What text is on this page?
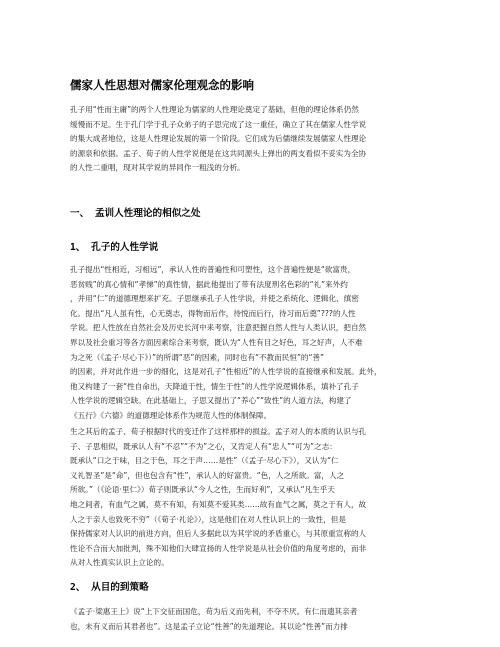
儒家人性思想对儒家伦理观念的影响
孔子用“性而主庸”的两个人性理论为儒家的人性理论奠定了基础，但他的理论体系仍然
缓慢而不足。生于孔门学于孔子众弟子的子思完成了这一重任，确立了其在儒家人性学说
的集大成者地位，这是人性理论发展的第一个阶段。它们成为后儒继续发展儒家人性理论
的源泉和依据。孟子、荀子的人性学说便是在这共同源头上弹出的两支看似不妥实为全协
的人性二重唱，现对其学说的异同作一粗浅的分析。
一、 孟训人性理论的相似之处
1、 孔子的人性学说
孔子提出“性相近，习相远”，承认人性的普遍性和可塑性，这个普遍性便是“欲富贵，
恶贫贱”的真心情和“孝悌”的真性情，据此他提出了带有法度刑名色彩的“礼”来外约
，并用“仁”的道德理想来扩充。子思继承孔子人性学说，并使之系统化、逻辑化、缜密
化。提出“凡人虽有性，心无奠志，得物而后作，待悦而后行，待习而后奠”???的人性
学说。把人性放在自然社会及历史长河中来考察，注意把握自然人性与人类认识，把自然
界以及社会重习等各方面因素综合来考察，既认为“人性有目之好色，耳之好声，人不难
为之死（《孟子·尽心下》）”的所谓“恶”的因素，同时也有“不教而民恒”的“善”
的因素，并对此作进一步的细化，这是对孔子“性相近”的人性学说的直接继承和发展。此外，
他又构建了一套“性自命出，天降道于性，情生于性”的人性学说逻辑体系，填补了孔子
人性学说的逻辑空缺。在此基础上，子思又提出了“养心”“致性”的人道方法，构建了
《五行》《六德》的道德理论体系作为规范人性的体制保障。
生之其后的孟子、荀子根据时代的变迁作了这样那样的损益。孟子对人的本质的认识与孔
子、子思相似，既承认人有“不忍”“不为”之心，又肯定人有“忠人”“可为”之志：
既承认“口之于味，目之于色，耳之于声……是性”（《孟子·尽心下》），又认为“仁
义礼智圣”是“命”，但也包含有“性”，承认人的好富贵。“色，人之所欲。富，人之
所欲。”（《论语·里仁》）荀子则既承认“今人之性，生而好利”，又承认“凡生乎天
地之间者，有血气之属，莫不有知，有知莫不爱其类……故有血气之属，莫之于有人，故
人之于亲人也致死不穷”（《荀子·礼论》），这是他们在对人性认识上的一致性，但是
保持儒家对人认识的前进方向，但后人多据此以为其学说的矛盾重心，与其原重宣称的人
性论不合而大加批判，殊不知他们大肆宣扬的人性学说是从社会价值的角度考虑的，而非
从对人性真实认识上立论的。
2、 从目的到策略
《孟子·梁惠王上》说“上下交征而国危，苟为后义而先利，不夺不厌。有仁而遗其亲者
也，未有义而后其君者也”。这是孟子立论“性善”的先道理论。其以论“性善”而力排
